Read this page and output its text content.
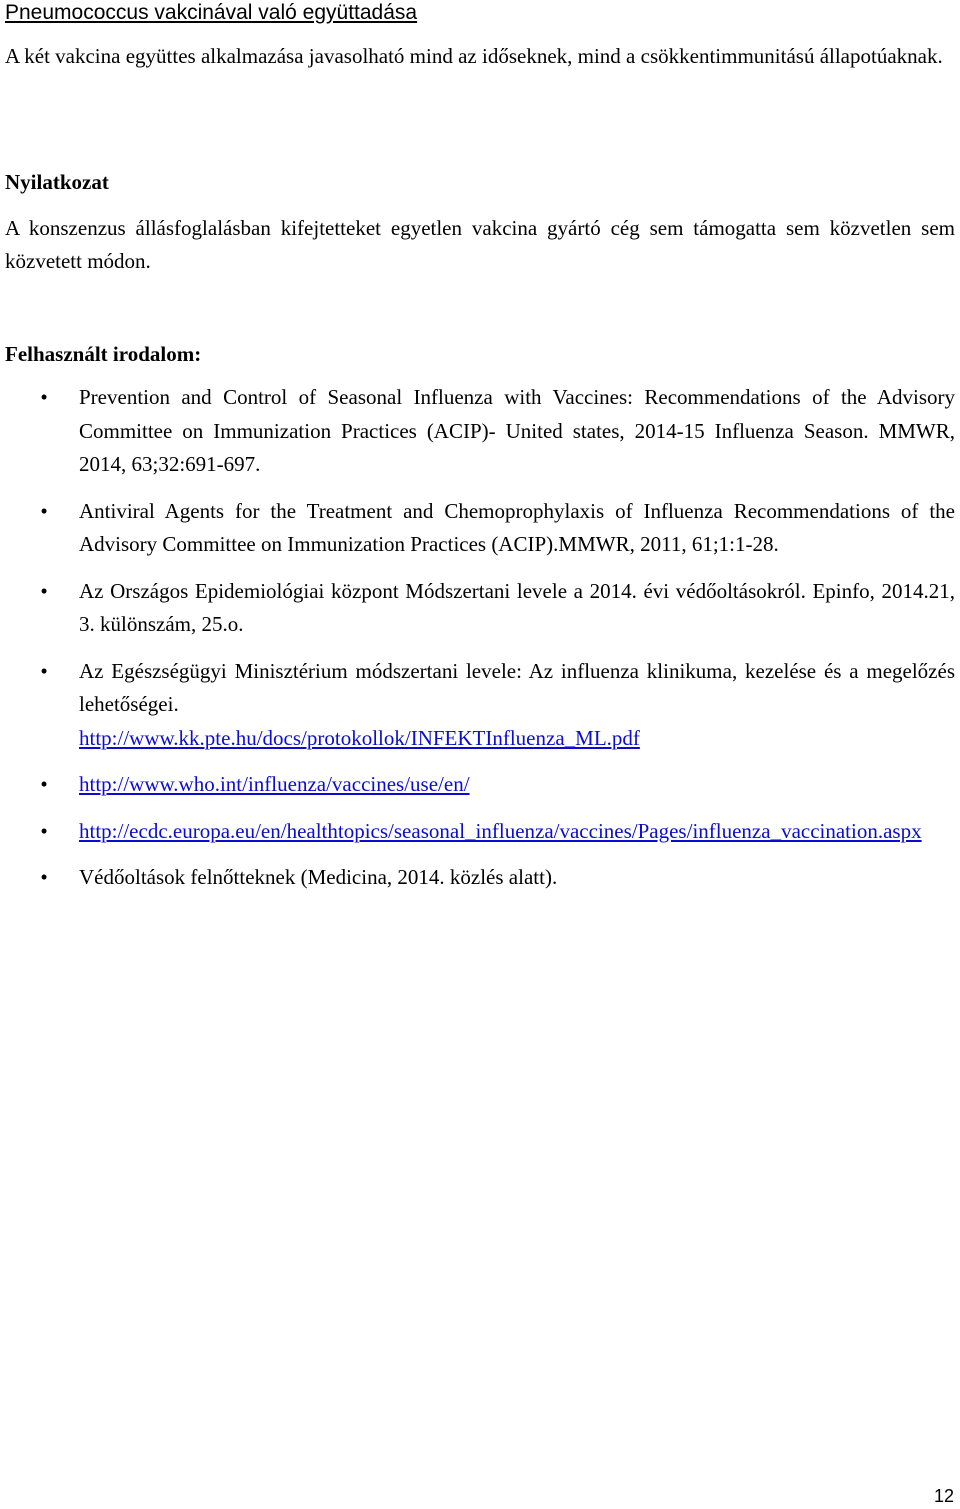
Pneumococcus vakcinával való együttadása
A két vakcina együttes alkalmazása javasolható mind az időseknek, mind a csökkentimmunitású állapotúaknak.
Nyilatkozat
A konszenzus állásfoglalásban kifejtetteket egyetlen vakcina gyártó cég sem támogatta sem közvetlen sem közvetett módon.
Felhasznált irodalom:
• Prevention and Control of Seasonal Influenza with Vaccines: Recommendations of the Advisory Committee on Immunization Practices (ACIP)- United states, 2014-15 Influenza Season. MMWR, 2014, 63;32:691-697.
• Antiviral Agents for the Treatment and Chemoprophylaxis of Influenza Recommendations of the Advisory Committee on Immunization Practices (ACIP).MMWR, 2011, 61;1:1-28.
• Az Országos Epidemiológiai központ Módszertani levele a 2014. évi védőoltásokról. Epinfo, 2014.21, 3. különszám, 25.o.
• Az Egészségügyi Minisztérium módszertani levele: Az influenza klinikuma, kezelése és a megelőzés lehetőségei.
http://www.kk.pte.hu/docs/protokollok/INFEKTInfluenza_ML.pdf
• http://www.who.int/influenza/vaccines/use/en/
• http://ecdc.europa.eu/en/healthtopics/seasonal_influenza/vaccines/Pages/influenza_vaccination.aspx
• Védőoltások felnőtteknek (Medicina, 2014. közlés alatt).
12
